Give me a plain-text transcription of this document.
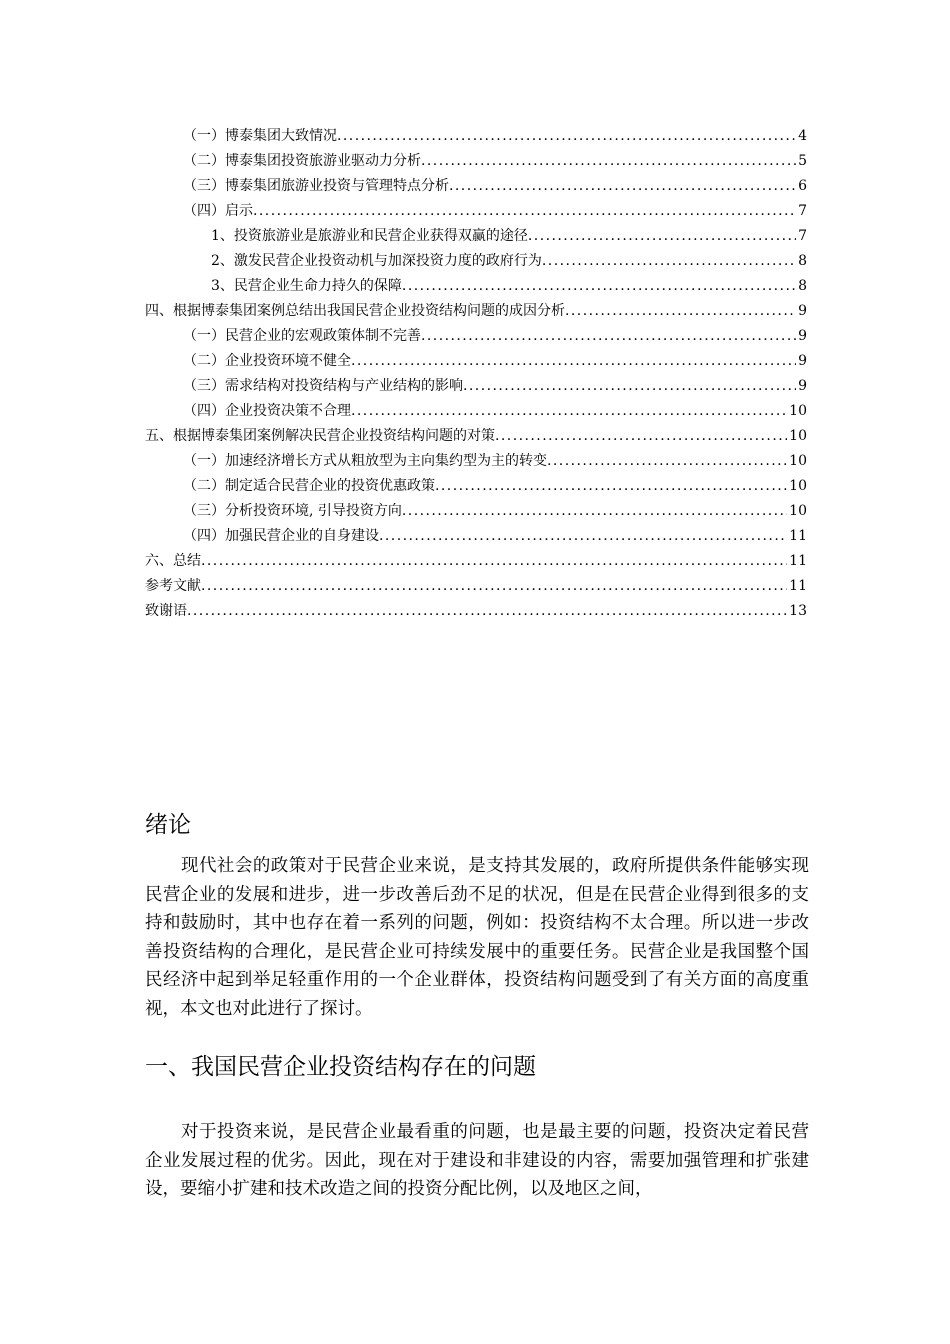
（一）博泰集团大致情况 . . .	4
（二）博泰集团投资旅游业驱动力分析 . . .	5
（三）博泰集团旅游业投资与管理特点分析 . . .	6
（四）启示 . . .	7
1、投资旅游业是旅游业和民营企业获得双赢的途径 . . .	7
2、激发民营企业投资动机与加深投资力度的政府行为 . . .	8
3、民营企业生命力持久的保障 . . .	8
四、根据博泰集团案例总结出我国民营企业投资结构问题的成因分析 . . .	9
（一）民营企业的宏观政策体制不完善 . . .	9
（二）企业投资环境不健全 . . .	9
（三）需求结构对投资结构与产业结构的影响 . . .	9
（四）企业投资决策不合理 . . .	10
五、根据博泰集团案例解决民营企业投资结构问题的对策 . . .	10
（一）加速经济增长方式从粗放型为主向集约型为主的转变 . . .	10
（二）制定适合民营企业的投资优惠政策 . . .	10
（三）分析投资环境, 引导投资方向 . . .	10
（四）加强民营企业的自身建设 . . .	11
六、总结 . . .	11
参考文献 . . .	11
致谢语 . . .	13
绪论

现代社会的政策对于民营企业来说，是支持其发展的，政府所提供条件能够实现民营企业的发展和进步，进一步改善后劲不足的状况，但是在民营企业得到很多的支持和鼓励时，其中也存在着一系列的问题，例如：投资结构不太合理。所以进一步改善投资结构的合理化，是民营企业可持续发展中的重要任务。民营企业是我国整个国民经济中起到举足轻重作用的一个企业群体，投资结构问题受到了有关方面的高度重视，本文也对此进行了探讨。

一、我国民营企业投资结构存在的问题

对于投资来说，是民营企业最看重的问题，也是最主要的问题，投资决定着民营企业发展过程的优劣。因此，现在对于建设和非建设的内容，需要加强管理和扩张建设，要缩小扩建和技术改造之间的投资分配比例，以及地区之间，
